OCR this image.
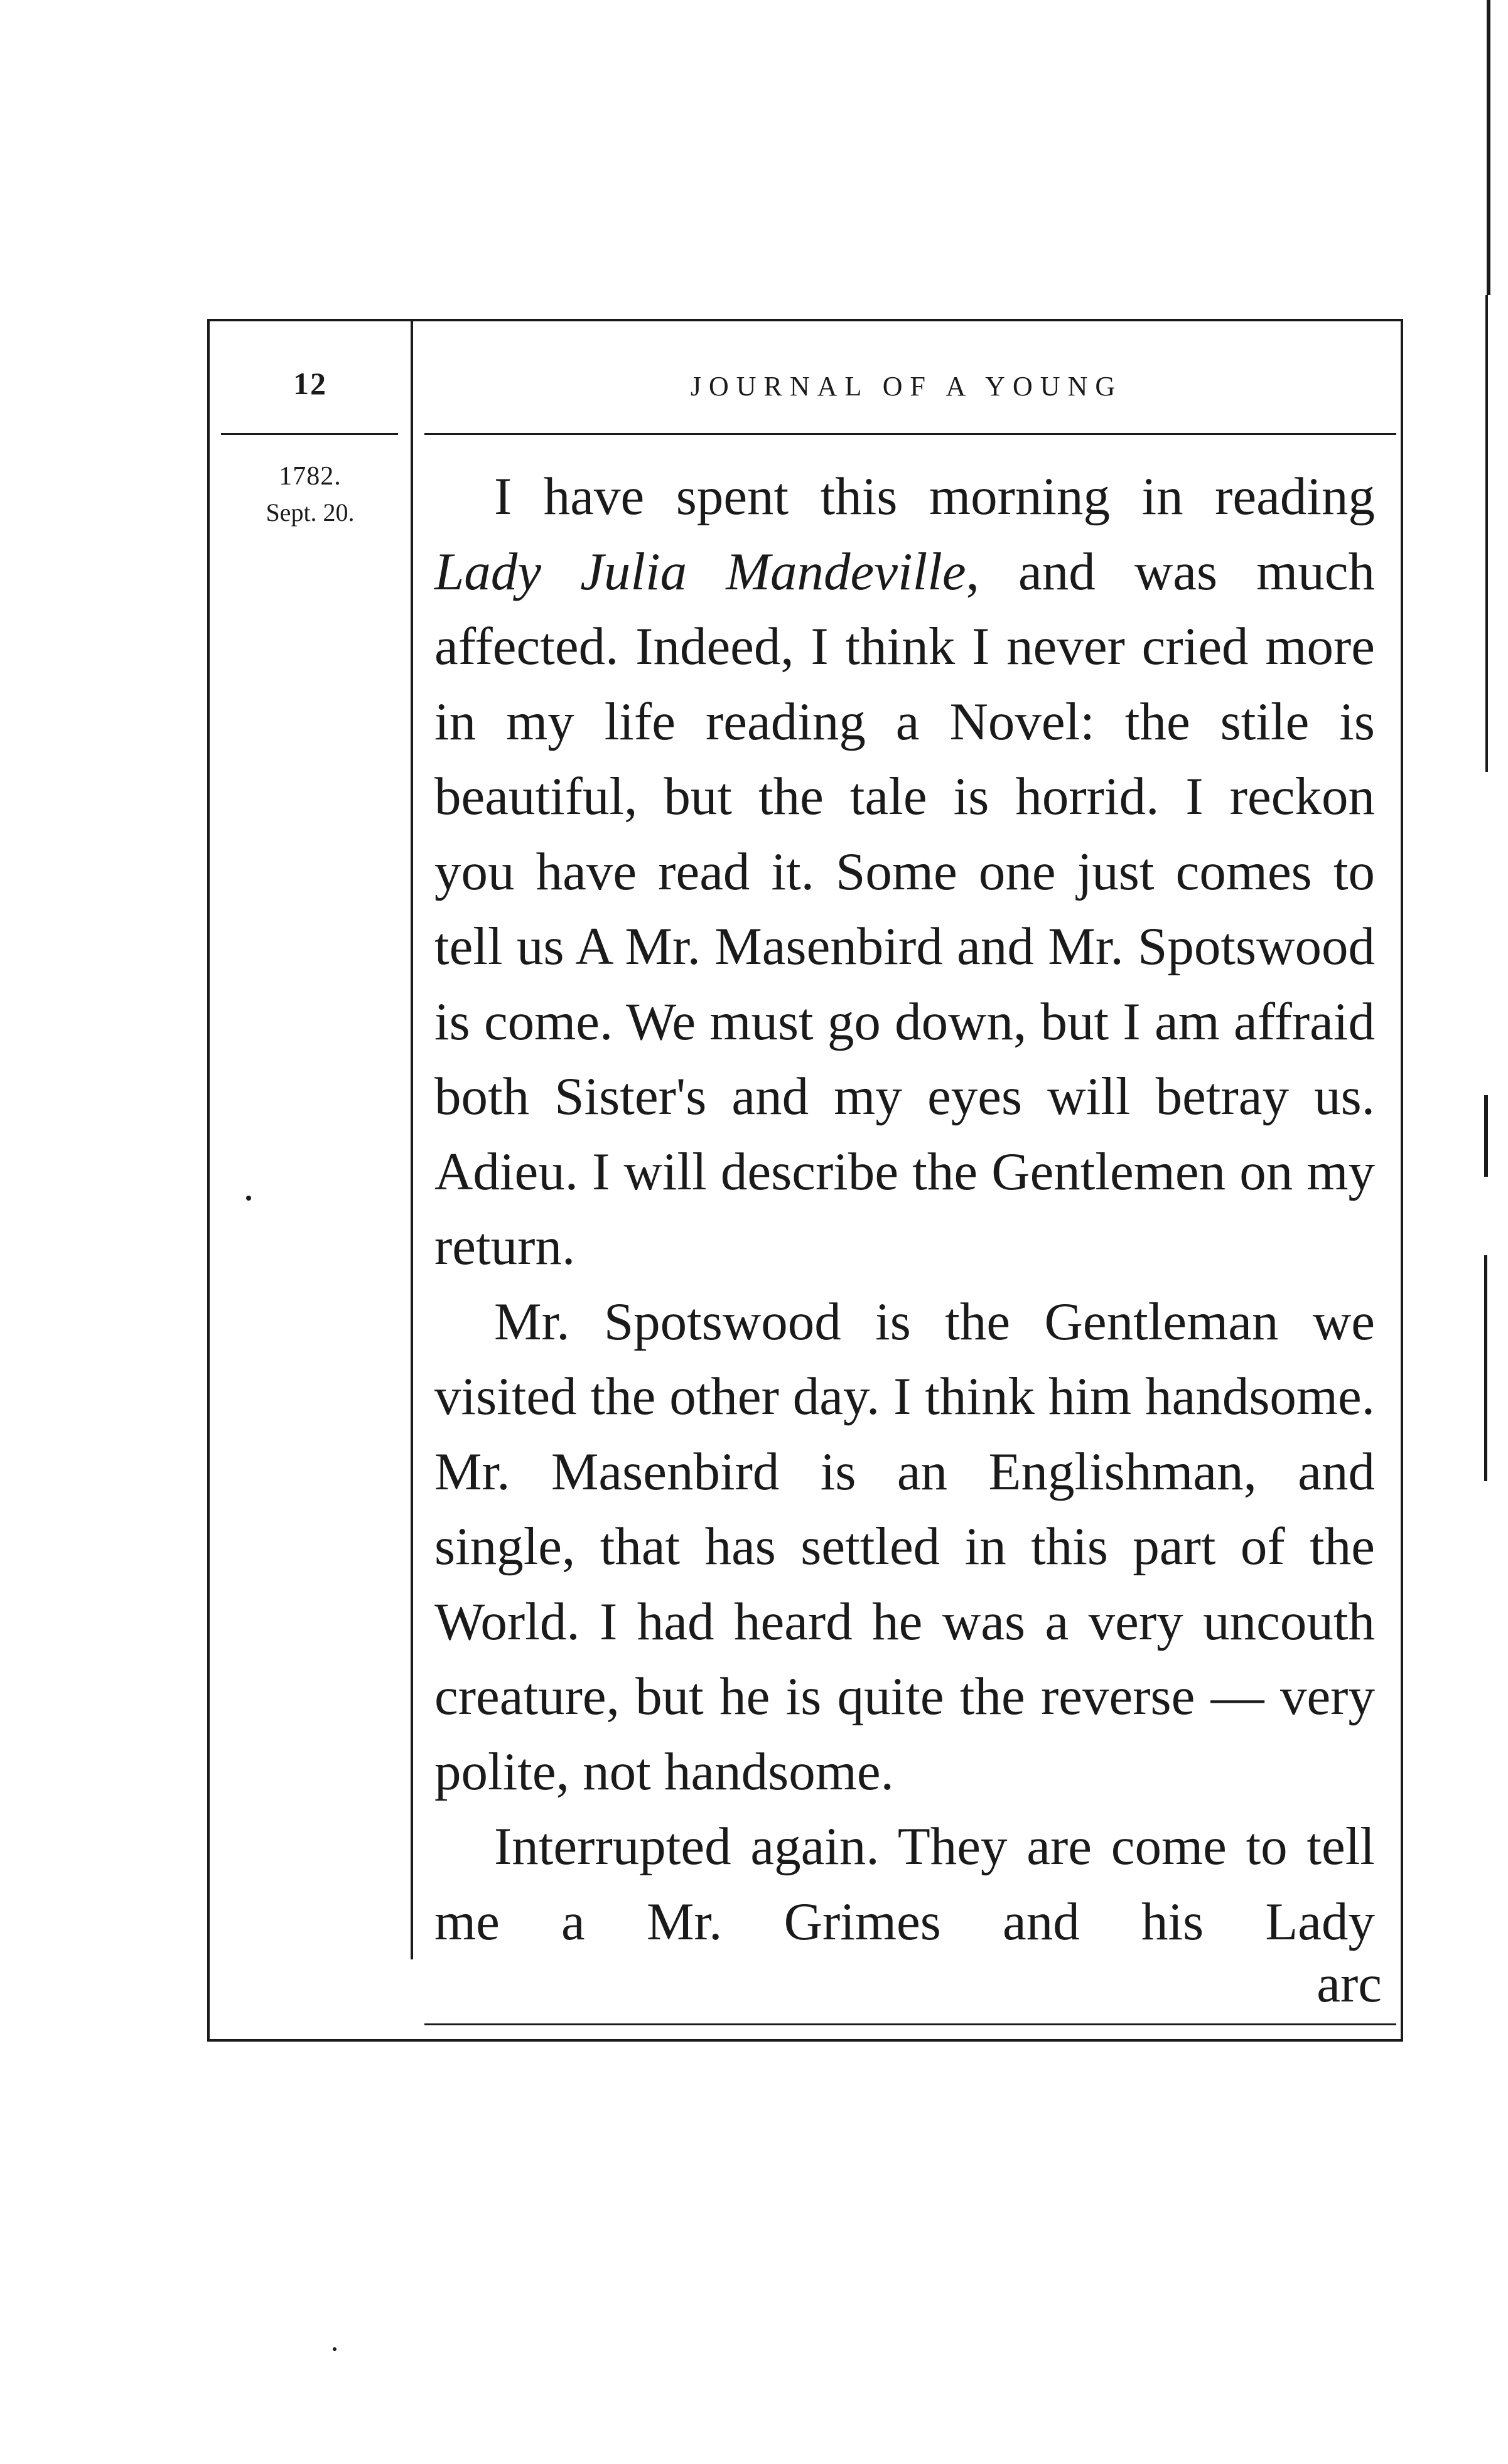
12	JOURNAL OF A YOUNG
1782.
Sept. 20.	I have spent this morning in reading Lady Julia Mandeville, and was much affected. Indeed, I think I never cried more in my life reading a Novel: the stile is beautiful, but the tale is horrid. I reckon you have read it. Some one just comes to tell us A Mr. Masenbird and Mr. Spotswood is come. We must go down, but I am affraid both Sister's and my eyes will betray us. Adieu. I will describe the Gentlemen on my return.

Mr. Spotswood is the Gentleman we visited the other day. I think him handsome. Mr. Masenbird is an Englishman, and single, that has settled in this part of the World. I had heard he was a very uncouth creature, but he is quite the reverse — very polite, not handsome.

Interrupted again. They are come to tell me a Mr. Grimes and his Lady

arc
